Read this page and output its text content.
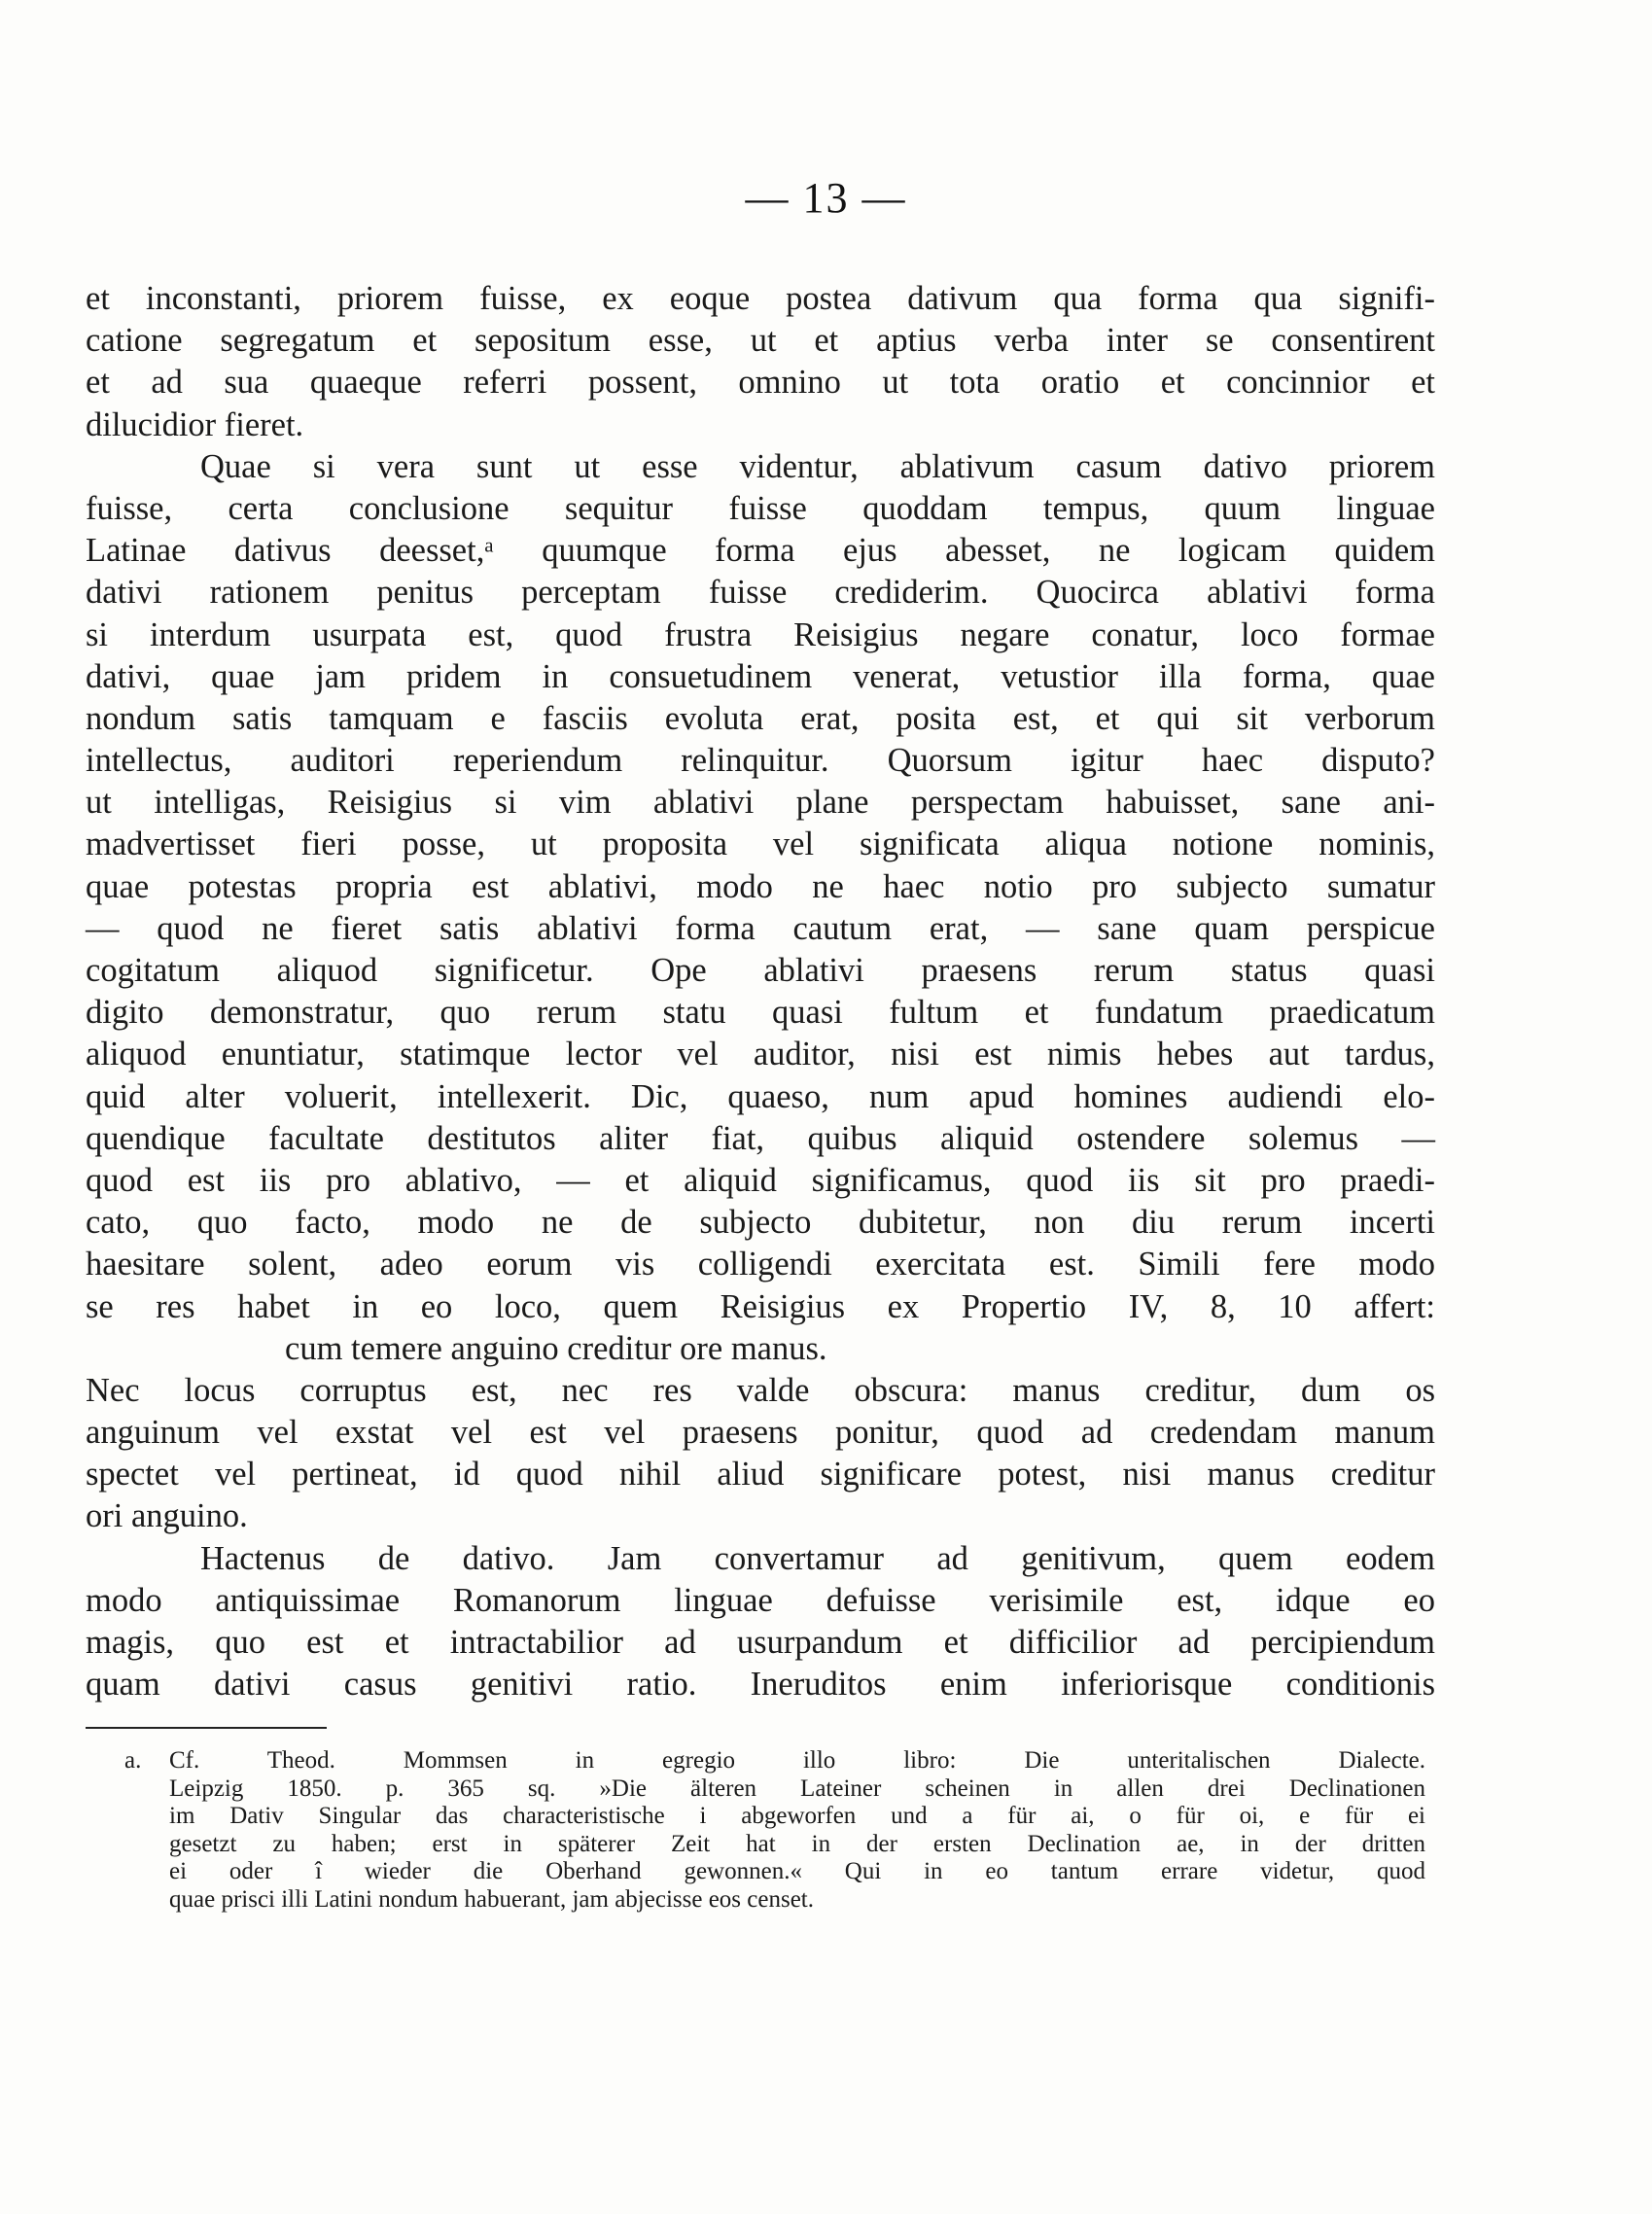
— 13 —
et inconstanti, priorem fuisse, ex eoque postea dativum qua forma qua signifi-
catione segregatum et sepositum esse, ut et aptius verba inter se consentirent
et ad sua quaeque referri possent, omnino ut tota oratio et concinnior et
dilucidior fieret.
Quae si vera sunt ut esse videntur, ablativum casum dativo priorem
fuisse, certa conclusione sequitur fuisse quoddam tempus, quum linguae
Latinae dativus deesset,ᵃ quumque forma ejus abesset, ne logicam quidem
dativi rationem penitus perceptam fuisse crediderim. Quocirca ablativi forma
si interdum usurpata est, quod frustra Reisigius negare conatur, loco formae
dativi, quae jam pridem in consuetudinem venerat, vetustior illa forma, quae
nondum satis tamquam e fasciis evoluta erat, posita est, et qui sit verborum
intellectus, auditori reperiendum relinquitur. Quorsum igitur haec disputo?
ut intelligas, Reisigius si vim ablativi plane perspectam habuisset, sane ani-
madvertisset fieri posse, ut proposita vel significata aliqua notione nominis,
quae potestas propria est ablativi, modo ne haec notio pro subjecto sumatur
— quod ne fieret satis ablativi forma cautum erat, — sane quam perspicue
cogitatum aliquod significetur. Ope ablativi praesens rerum status quasi
digito demonstratur, quo rerum statu quasi fultum et fundatum praedicatum
aliquod enuntiatur, statimque lector vel auditor, nisi est nimis hebes aut tardus,
quid alter voluerit, intellexerit. Dic, quaeso, num apud homines audiendi elo-
quendique facultate destitutos aliter fiat, quibus aliquid ostendere solemus —
quod est iis pro ablativo, — et aliquid significamus, quod iis sit pro praedi-
cato, quo facto, modo ne de subjecto dubitetur, non diu rerum incerti
haesitare solent, adeo eorum vis colligendi exercitata est. Simili fere modo
se res habet in eo loco, quem Reisigius ex Propertio IV, 8, 10 affert:
cum temere anguino creditur ore manus.
Nec locus corruptus est, nec res valde obscura: manus creditur, dum os
anguinum vel exstat vel est vel praesens ponitur, quod ad credendam manum
spectet vel pertineat, id quod nihil aliud significare potest, nisi manus creditur
ori anguino.
Hactenus de dativo. Jam convertamur ad genitivum, quem eodem
modo antiquissimae Romanorum linguae defuisse verisimile est, idque eo
magis, quo est et intractabilior ad usurpandum et difficilior ad percipiendum
quam dativi casus genitivi ratio. Ineruditos enim inferiorisque conditionis
a.	Cf. Theod. Mommsen in egregio illo libro: Die unteritalischen Dialecte.
Leipzig 1850. p. 365 sq. »Die älteren Lateiner scheinen in allen drei Declinationen
im Dativ Singular das characteristische i abgeworfen und a für ai, o für oi, e für ei
gesetzt zu haben; erst in späterer Zeit hat in der ersten Declination ae, in der dritten
ei oder î wieder die Oberhand gewonnen.« Qui in eo tantum errare videtur, quod
quae prisci illi Latini nondum habuerant, jam abjecisse eos censet.
